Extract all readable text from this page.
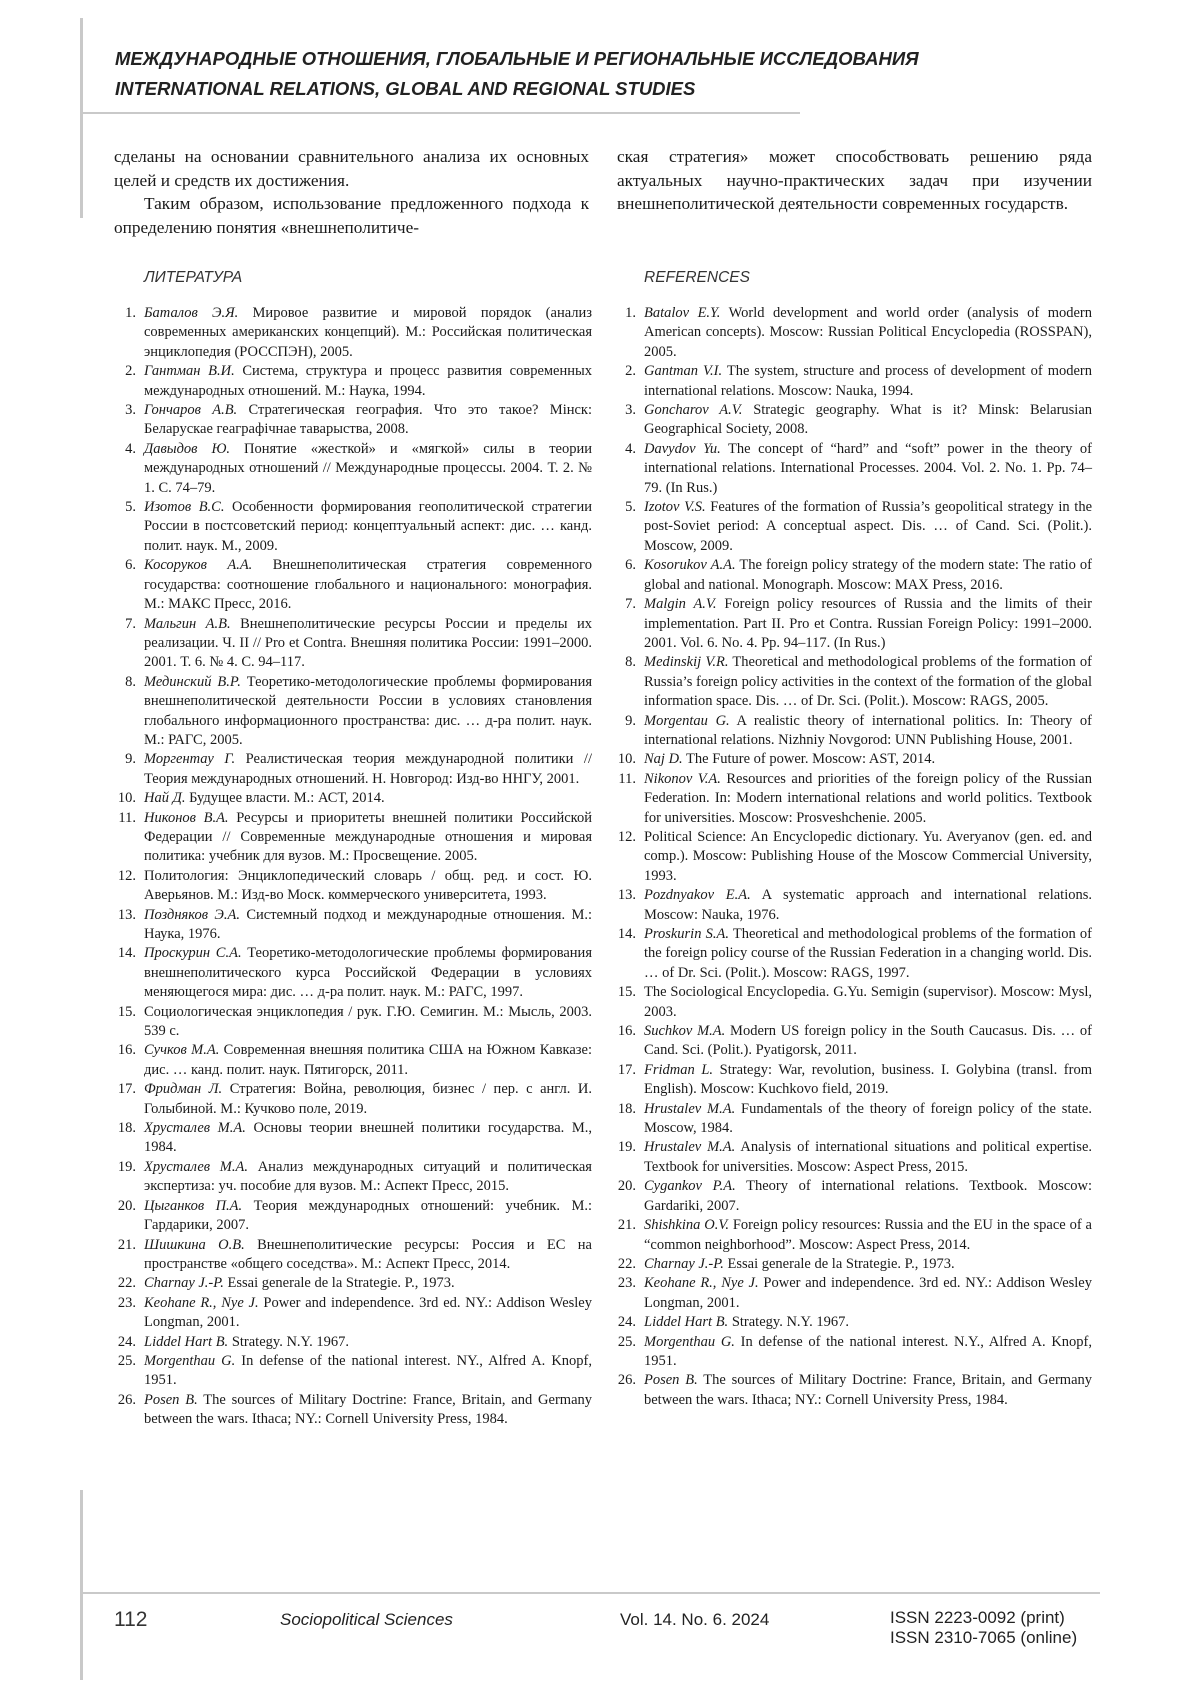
МЕЖДУНАРОДНЫЕ ОТНОШЕНИЯ, ГЛОБАЛЬНЫЕ И РЕГИОНАЛЬНЫЕ ИССЛЕДОВАНИЯ
INTERNATIONAL RELATIONS, GLOBAL AND REGIONAL STUDIES

сделаны на основании сравнительного анализа их основных целей и средств их достижения.

Таким образом, использование предложенного подхода к определению понятия «внешнеполитиче-

ская стратегия» может способствовать решению ряда актуальных научно-практических задач при изучении внешнеполитической деятельности современных государств.

ЛИТЕРАТУРА
1. Баталов Э.Я. Мировое развитие и мировой порядок (анализ современных американских концепций). М.: Российская политическая энциклопедия (РОССПЭН), 2005.
2. Гантман В.И. Система, структура и процесс развития современных международных отношений. М.: Наука, 1994.
3. Гончаров А.В. Стратегическая география. Что это такое? Мінск: Беларускае геаграфічнае таварыства, 2008.
4. Давыдов Ю. Понятие «жесткой» и «мягкой» силы в теории международных отношений // Международные процессы. 2004. Т. 2. № 1. С. 74–79.
5. Изотов В.С. Особенности формирования геополитической стратегии России в постсоветский период: концептуальный аспект: дис. … канд. полит. наук. М., 2009.
6. Косоруков А.А. Внешнеполитическая стратегия современного государства: соотношение глобального и национального: монография. М.: МАКС Пресс, 2016.
7. Мальгин А.В. Внешнеполитические ресурсы России и пределы их реализации. Ч. II // Pro et Contra. Внешняя политика России: 1991–2000. 2001. Т. 6. № 4. С. 94–117.
8. Мединский В.Р. Теоретико-методологические проблемы формирования внешнеполитической деятельности России в условиях становления глобального информационного пространства: дис. … д-ра полит. наук. М.: РАГС, 2005.
9. Моргентау Г. Реалистическая теория международной политики // Теория международных отношений. Н. Новгород: Изд-во ННГУ, 2001.
10. Най Д. Будущее власти. М.: АСТ, 2014.
11. Никонов В.А. Ресурсы и приоритеты внешней политики Российской Федерации // Современные международные отношения и мировая политика: учебник для вузов. М.: Просвещение. 2005.
12. Политология: Энциклопедический словарь / общ. ред. и сост. Ю. Аверьянов. М.: Изд-во Моск. коммерческого университета, 1993.
13. Поздняков Э.А. Системный подход и международные отношения. М.: Наука, 1976.
14. Проскурин С.А. Теоретико-методологические проблемы формирования внешнеполитического курса Российской Федерации в условиях меняющегося мира: дис. … д-ра полит. наук. М.: РАГС, 1997.
15. Социологическая энциклопедия / рук. Г.Ю. Семигин. М.: Мысль, 2003. 539 с.
16. Сучков М.А. Современная внешняя политика США на Южном Кавказе: дис. … канд. полит. наук. Пятигорск, 2011.
17. Фридман Л. Стратегия: Война, революция, бизнес / пер. с англ. И. Голыбиной. М.: Кучково поле, 2019.
18. Хрусталев М.А. Основы теории внешней политики государства. М., 1984.
19. Хрусталев М.А. Анализ международных ситуаций и политическая экспертиза: уч. пособие для вузов. М.: Аспект Пресс, 2015.
20. Цыганков П.А. Теория международных отношений: учебник. М.: Гардарики, 2007.
21. Шишкина О.В. Внешнеполитические ресурсы: Россия и ЕС на пространстве «общего соседства». М.: Аспект Пресс, 2014.
22. Charnay J.-P. Essai generale de la Strategie. P., 1973.
23. Keohane R., Nye J. Power and independence. 3rd ed. NY.: Addison Wesley Longman, 2001.
24. Liddel Hart B. Strategy. N.Y. 1967.
25. Morgenthau G. In defense of the national interest. NY., Alfred A. Knopf, 1951.
26. Posen B. The sources of Military Doctrine: France, Britain, and Germany between the wars. Ithaca; NY.: Cornell University Press, 1984.
REFERENCES
1. Batalov E.Y. World development and world order (analysis of modern American concepts). Moscow: Russian Political Encyclopedia (ROSSPAN), 2005.
2. Gantman V.I. The system, structure and process of development of modern international relations. Moscow: Nauka, 1994.
3. Goncharov A.V. Strategic geography. What is it? Minsk: Belarusian Geographical Society, 2008.
4. Davydov Yu. The concept of “hard” and “soft” power in the theory of international relations. International Processes. 2004. Vol. 2. No. 1. Pp. 74–79. (In Rus.)
5. Izotov V.S. Features of the formation of Russia’s geopolitical strategy in the post-Soviet period: A conceptual aspect. Dis. … of Cand. Sci. (Polit.). Moscow, 2009.
6. Kosorukov A.A. The foreign policy strategy of the modern state: The ratio of global and national. Monograph. Moscow: MAX Press, 2016.
7. Malgin A.V. Foreign policy resources of Russia and the limits of their implementation. Part II. Pro et Contra. Russian Foreign Policy: 1991–2000. 2001. Vol. 6. No. 4. Pp. 94–117. (In Rus.)
8. Medinskij V.R. Theoretical and methodological problems of the formation of Russia’s foreign policy activities in the context of the formation of the global information space. Dis. … of Dr. Sci. (Polit.). Moscow: RAGS, 2005.
9. Morgentau G. A realistic theory of international politics. In: Theory of international relations. Nizhniy Novgorod: UNN Publishing House, 2001.
10. Naj D. The Future of power. Moscow: AST, 2014.
11. Nikonov V.A. Resources and priorities of the foreign policy of the Russian Federation. In: Modern international relations and world politics. Textbook for universities. Moscow: Prosveshchenie. 2005.
12. Political Science: An Encyclopedic dictionary. Yu. Averyanov (gen. ed. and comp.). Moscow: Publishing House of the Moscow Commercial University, 1993.
13. Pozdnyakov E.A. A systematic approach and international relations. Moscow: Nauka, 1976.
14. Proskurin S.A. Theoretical and methodological problems of the formation of the foreign policy course of the Russian Federation in a changing world. Dis. … of Dr. Sci. (Polit.). Moscow: RAGS, 1997.
15. The Sociological Encyclopedia. G.Yu. Semigin (supervisor). Moscow: Mysl, 2003.
16. Suchkov M.A. Modern US foreign policy in the South Caucasus. Dis. … of Cand. Sci. (Polit.). Pyatigorsk, 2011.
17. Fridman L. Strategy: War, revolution, business. I. Golybina (transl. from English). Moscow: Kuchkovo field, 2019.
18. Hrustalev M.A. Fundamentals of the theory of foreign policy of the state. Moscow, 1984.
19. Hrustalev M.A. Analysis of international situations and political expertise. Textbook for universities. Moscow: Aspect Press, 2015.
20. Cygankov P.A. Theory of international relations. Textbook. Moscow: Gardariki, 2007.
21. Shishkina O.V. Foreign policy resources: Russia and the EU in the space of a “common neighborhood”. Moscow: Aspect Press, 2014.
22. Charnay J.-P. Essai generale de la Strategie. P., 1973.
23. Keohane R., Nye J. Power and independence. 3rd ed. NY.: Addison Wesley Longman, 2001.
24. Liddel Hart B. Strategy. N.Y. 1967.
25. Morgenthau G. In defense of the national interest. N.Y., Alfred A. Knopf, 1951.
26. Posen B. The sources of Military Doctrine: France, Britain, and Germany between the wars. Ithaca; NY.: Cornell University Press, 1984.
112	Sociopolitical Sciences	Vol. 14. No. 6. 2024	ISSN 2223-0092 (print)
ISSN 2310-7065 (online)
